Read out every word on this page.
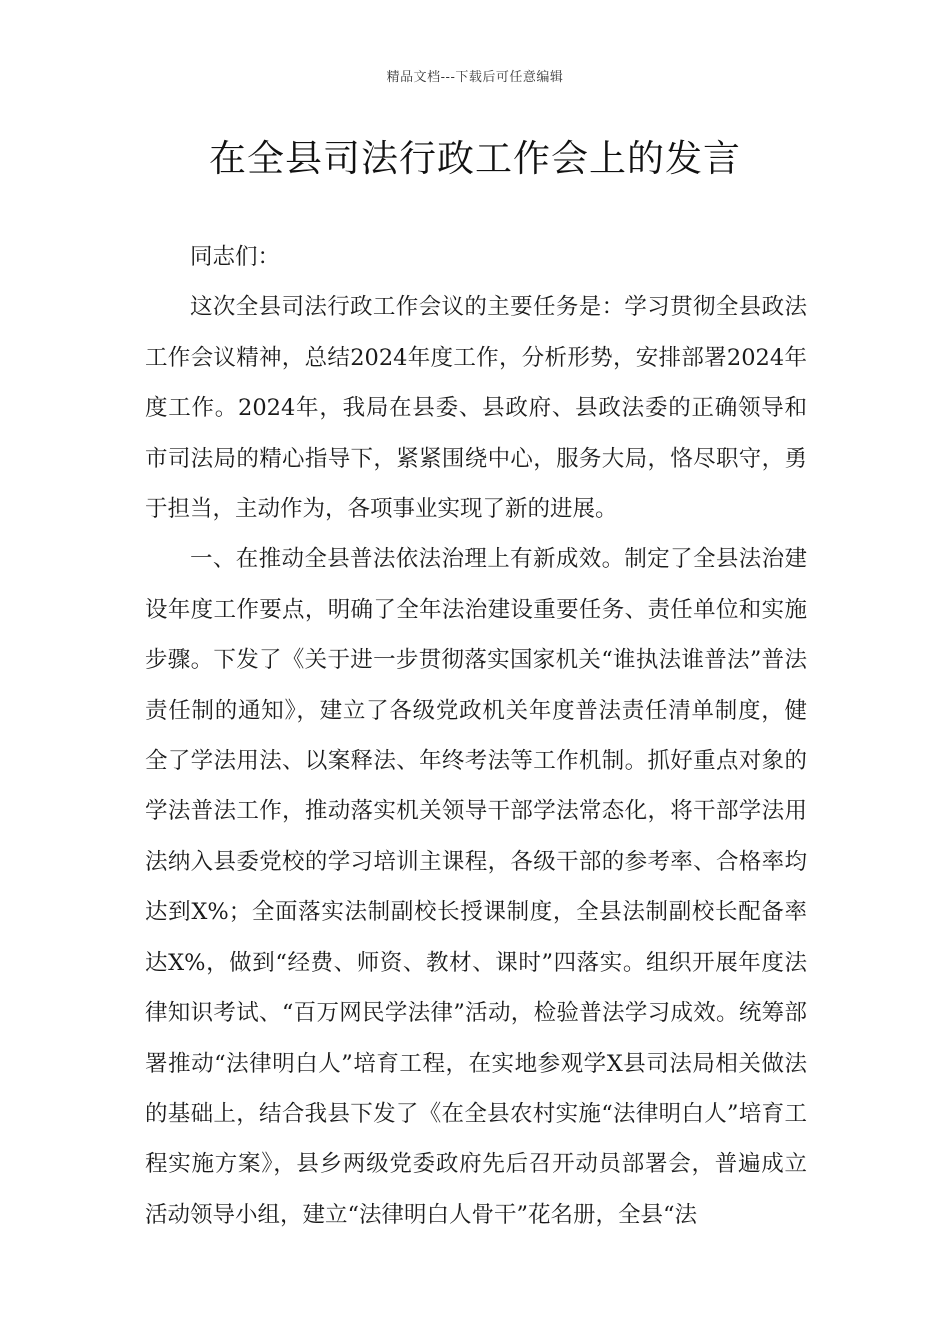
精品文档---下载后可任意编辑
在全县司法行政工作会上的发言

同志们：

这次全县司法行政工作会议的主要任务是：学习贯彻全县政法工作会议精神，总结2024年度工作，分析形势，安排部署2024年度工作。2024年，我局在县委、县政府、县政法委的正确领导和市司法局的精心指导下，紧紧围绕中心，服务大局，恪尽职守，勇于担当，主动作为，各项事业实现了新的进展。

一、在推动全县普法依法治理上有新成效。制定了全县法治建设年度工作要点，明确了全年法治建设重要任务、责任单位和实施步骤。下发了《关于进一步贯彻落实国家机关“谁执法谁普法”普法责任制的通知》，建立了各级党政机关年度普法责任清单制度，健全了学法用法、以案释法、年终考法等工作机制。抓好重点对象的学法普法工作，推动落实机关领导干部学法常态化，将干部学法用法纳入县委党校的学习培训主课程，各级干部的参考率、合格率均达到X%；全面落实法制副校长授课制度，全县法制副校长配备率达X%，做到“经费、师资、教材、课时”四落实。组织开展年度法律知识考试、“百万网民学法律”活动，检验普法学习成效。统筹部署推动“法律明白人”培育工程，在实地参观学X县司法局相关做法的基础上，结合我县下发了《在全县农村实施“法律明白人”培育工程实施方案》，县乡两级党委政府先后召开动员部署会，普遍成立活动领导小组，建立“法律明白人骨干”花名册，全县“法
